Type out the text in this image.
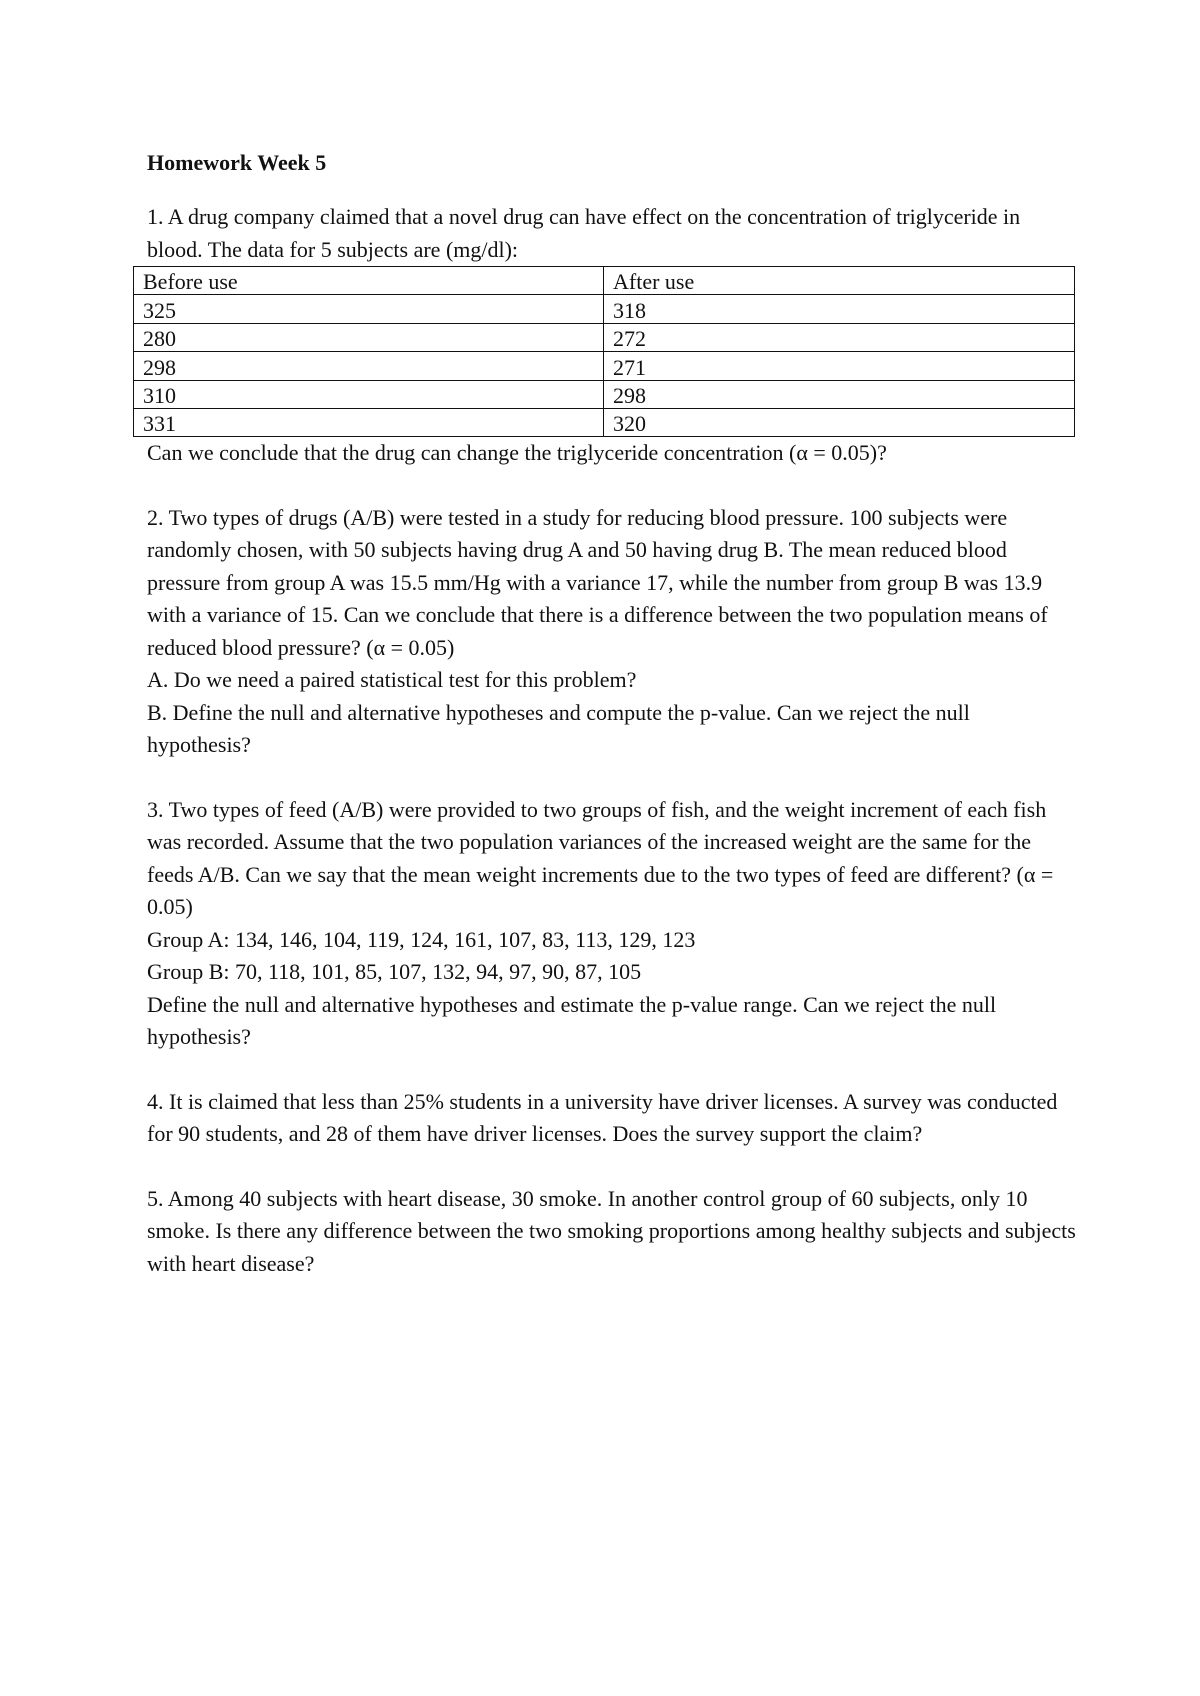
Homework Week 5

1. A drug company claimed that a novel drug can have effect on the concentration of triglyceride in blood. The data for 5 subjects are (mg/dl):

Before use	After use
325	318
280	272
298	271
310	298
331	320

Can we conclude that the drug can change the triglyceride concentration (α = 0.05)?

2. Two types of drugs (A/B) were tested in a study for reducing blood pressure. 100 subjects were randomly chosen, with 50 subjects having drug A and 50 having drug B. The mean reduced blood pressure from group A was 15.5 mm/Hg with a variance 17, while the number from group B was 13.9 with a variance of 15. Can we conclude that there is a difference between the two population means of reduced blood pressure? (α = 0.05)

A. Do we need a paired statistical test for this problem?

B. Define the null and alternative hypotheses and compute the p-value. Can we reject the null hypothesis?

3. Two types of feed (A/B) were provided to two groups of fish, and the weight increment of each fish was recorded. Assume that the two population variances of the increased weight are the same for the feeds A/B. Can we say that the mean weight increments due to the two types of feed are different? (α = 0.05)

Group A: 134, 146, 104, 119, 124, 161, 107, 83, 113, 129, 123

Group B: 70, 118, 101, 85, 107, 132, 94, 97, 90, 87, 105

Define the null and alternative hypotheses and estimate the p-value range. Can we reject the null hypothesis?

4. It is claimed that less than 25% students in a university have driver licenses. A survey was conducted for 90 students, and 28 of them have driver licenses. Does the survey support the claim?

5. Among 40 subjects with heart disease, 30 smoke. In another control group of 60 subjects, only 10 smoke. Is there any difference between the two smoking proportions among healthy subjects and subjects with heart disease?
